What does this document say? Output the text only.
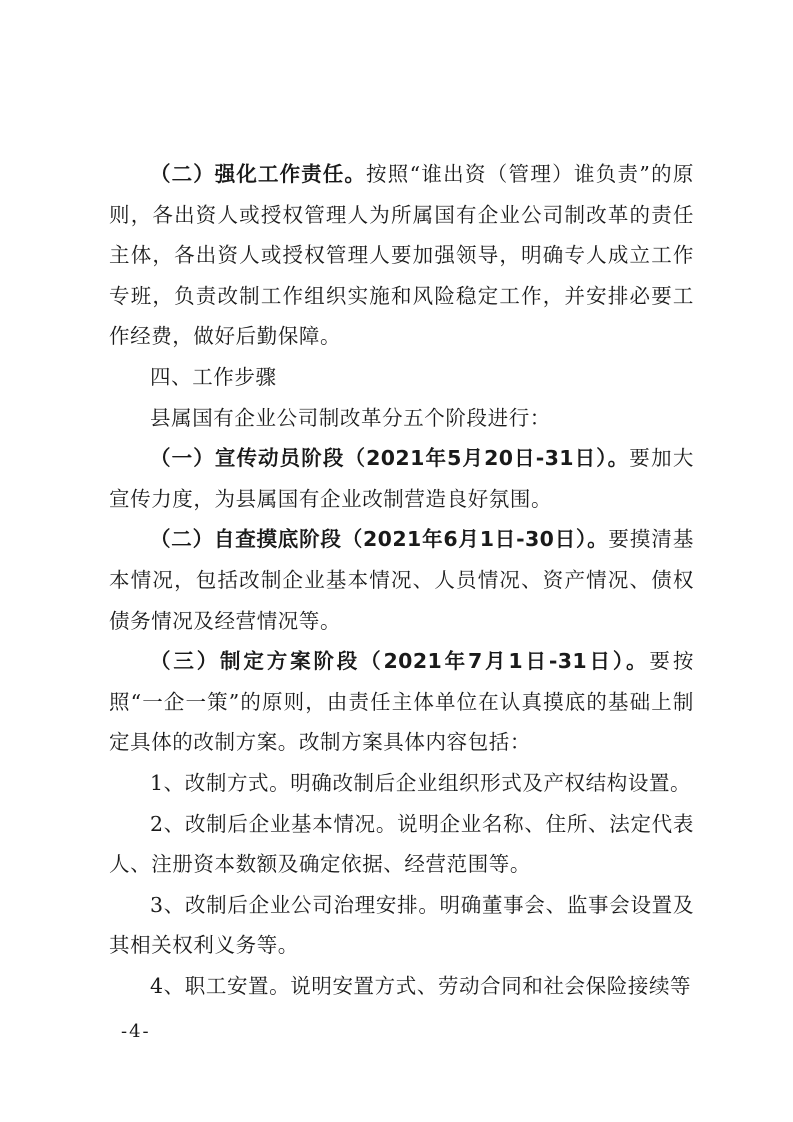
（二）强化工作责任。按照“谁出资（管理）谁负责”的原则，各出资人或授权管理人为所属国有企业公司制改革的责任主体，各出资人或授权管理人要加强领导，明确专人成立工作专班，负责改制工作组织实施和风险稳定工作，并安排必要工作经费，做好后勤保障。

四、工作步骤

县属国有企业公司制改革分五个阶段进行：

（一）宣传动员阶段（2021年5月20日-31日）。要加大宣传力度，为县属国有企业改制营造良好氛围。

（二）自查摸底阶段（2021年6月1日-30日）。要摸清基本情况，包括改制企业基本情况、人员情况、资产情况、债权债务情况及经营情况等。

（三）制定方案阶段（2021年7月1日-31日）。要按照“一企一策”的原则，由责任主体单位在认真摸底的基础上制定具体的改制方案。改制方案具体内容包括：

1、改制方式。明确改制后企业组织形式及产权结构设置。

2、改制后企业基本情况。说明企业名称、住所、法定代表人、注册资本数额及确定依据、经营范围等。

3、改制后企业公司治理安排。明确董事会、监事会设置及其相关权利义务等。

4、职工安置。说明安置方式、劳动合同和社会保险接续等

-4-
